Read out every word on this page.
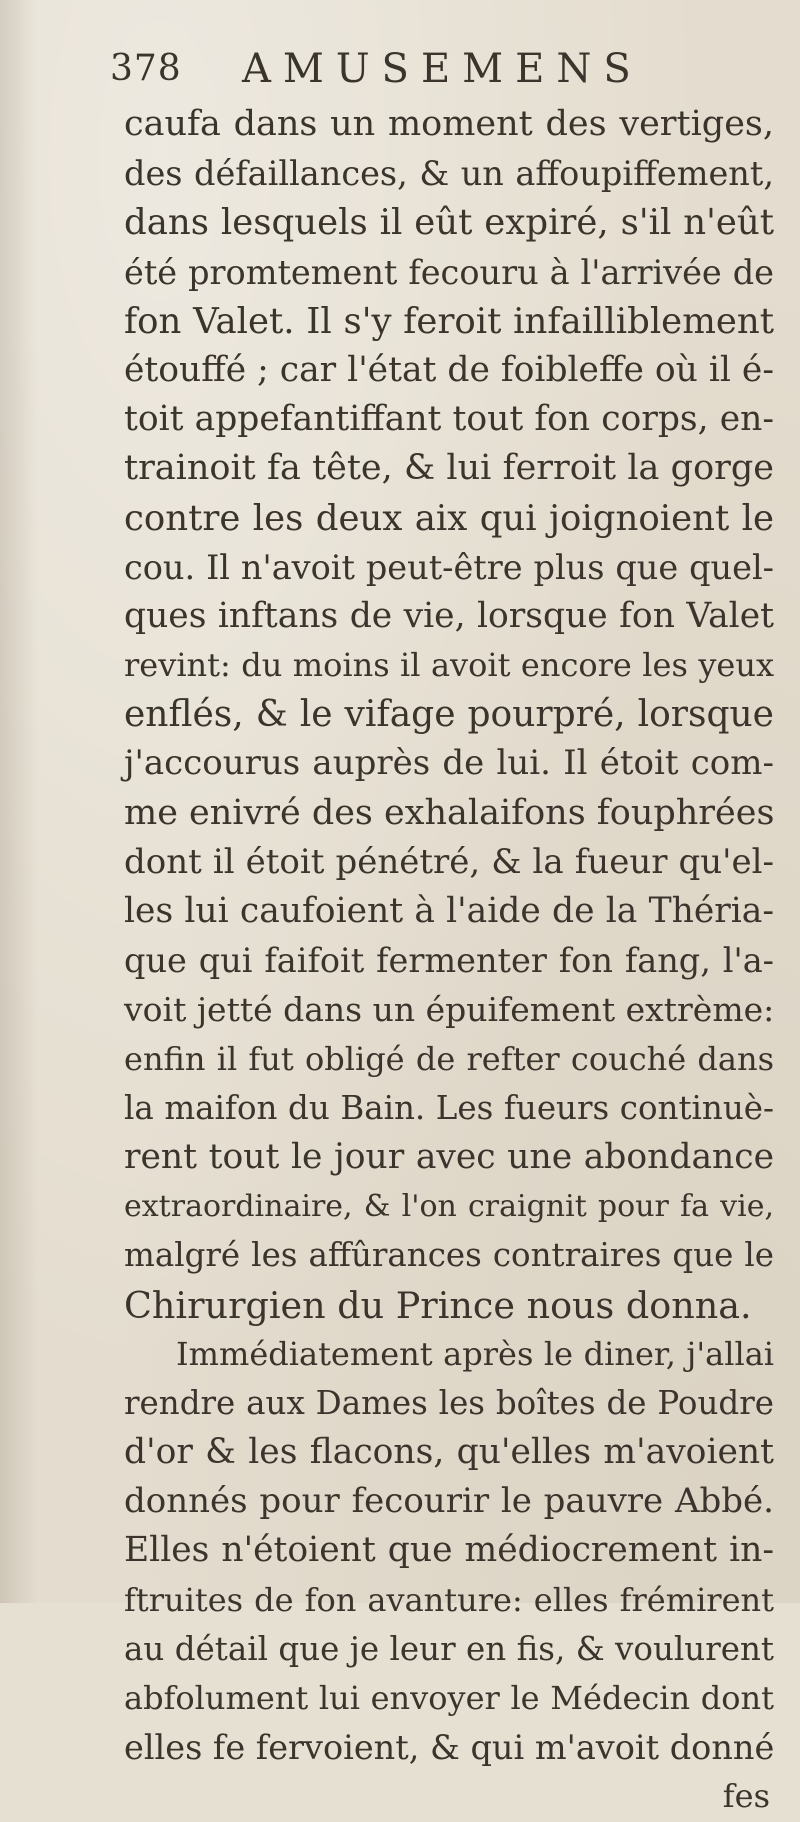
378 AMUSEMENS
caufa dans un moment des vertiges,
des défaillances, & un affoupiffement,
dans lesquels il eût expiré, s'il n'eût
été promtement fecouru à l'arrivée de
fon Valet. Il s'y feroit infailliblement
étouffé ; car l'état de foibleffe où il é-
toit appefantiffant tout fon corps, en-
trainoit fa tête, & lui ferroit la gorge
contre les deux aix qui joignoient le
cou. Il n'avoit peut-être plus que quel-
ques inftans de vie, lorsque fon Valet
revint: du moins il avoit encore les yeux
enflés, & le vifage pourpré, lorsque
j'accourus auprès de lui. Il étoit com-
me enivré des exhalaifons fouphrées
dont il étoit pénétré, & la fueur qu'el-
les lui caufoient à l'aide de la Théria-
que qui faifoit fermenter fon fang, l'a-
voit jetté dans un épuifement extrème:
enfin il fut obligé de refter couché dans
la maifon du Bain. Les fueurs continuè-
rent tout le jour avec une abondance
extraordinaire, & l'on craignit pour fa vie,
malgré les affûrances contraires que le
Chirurgien du Prince nous donna.
Immédiatement après le diner, j'allai
rendre aux Dames les boîtes de Poudre
d'or & les flacons, qu'elles m'avoient
donnés pour fecourir le pauvre Abbé.
Elles n'étoient que médiocrement in-
ftruites de fon avanture: elles frémirent
au détail que je leur en fis, & voulurent
abfolument lui envoyer le Médecin dont
elles fe fervoient, & qui m'avoit donné
fes
